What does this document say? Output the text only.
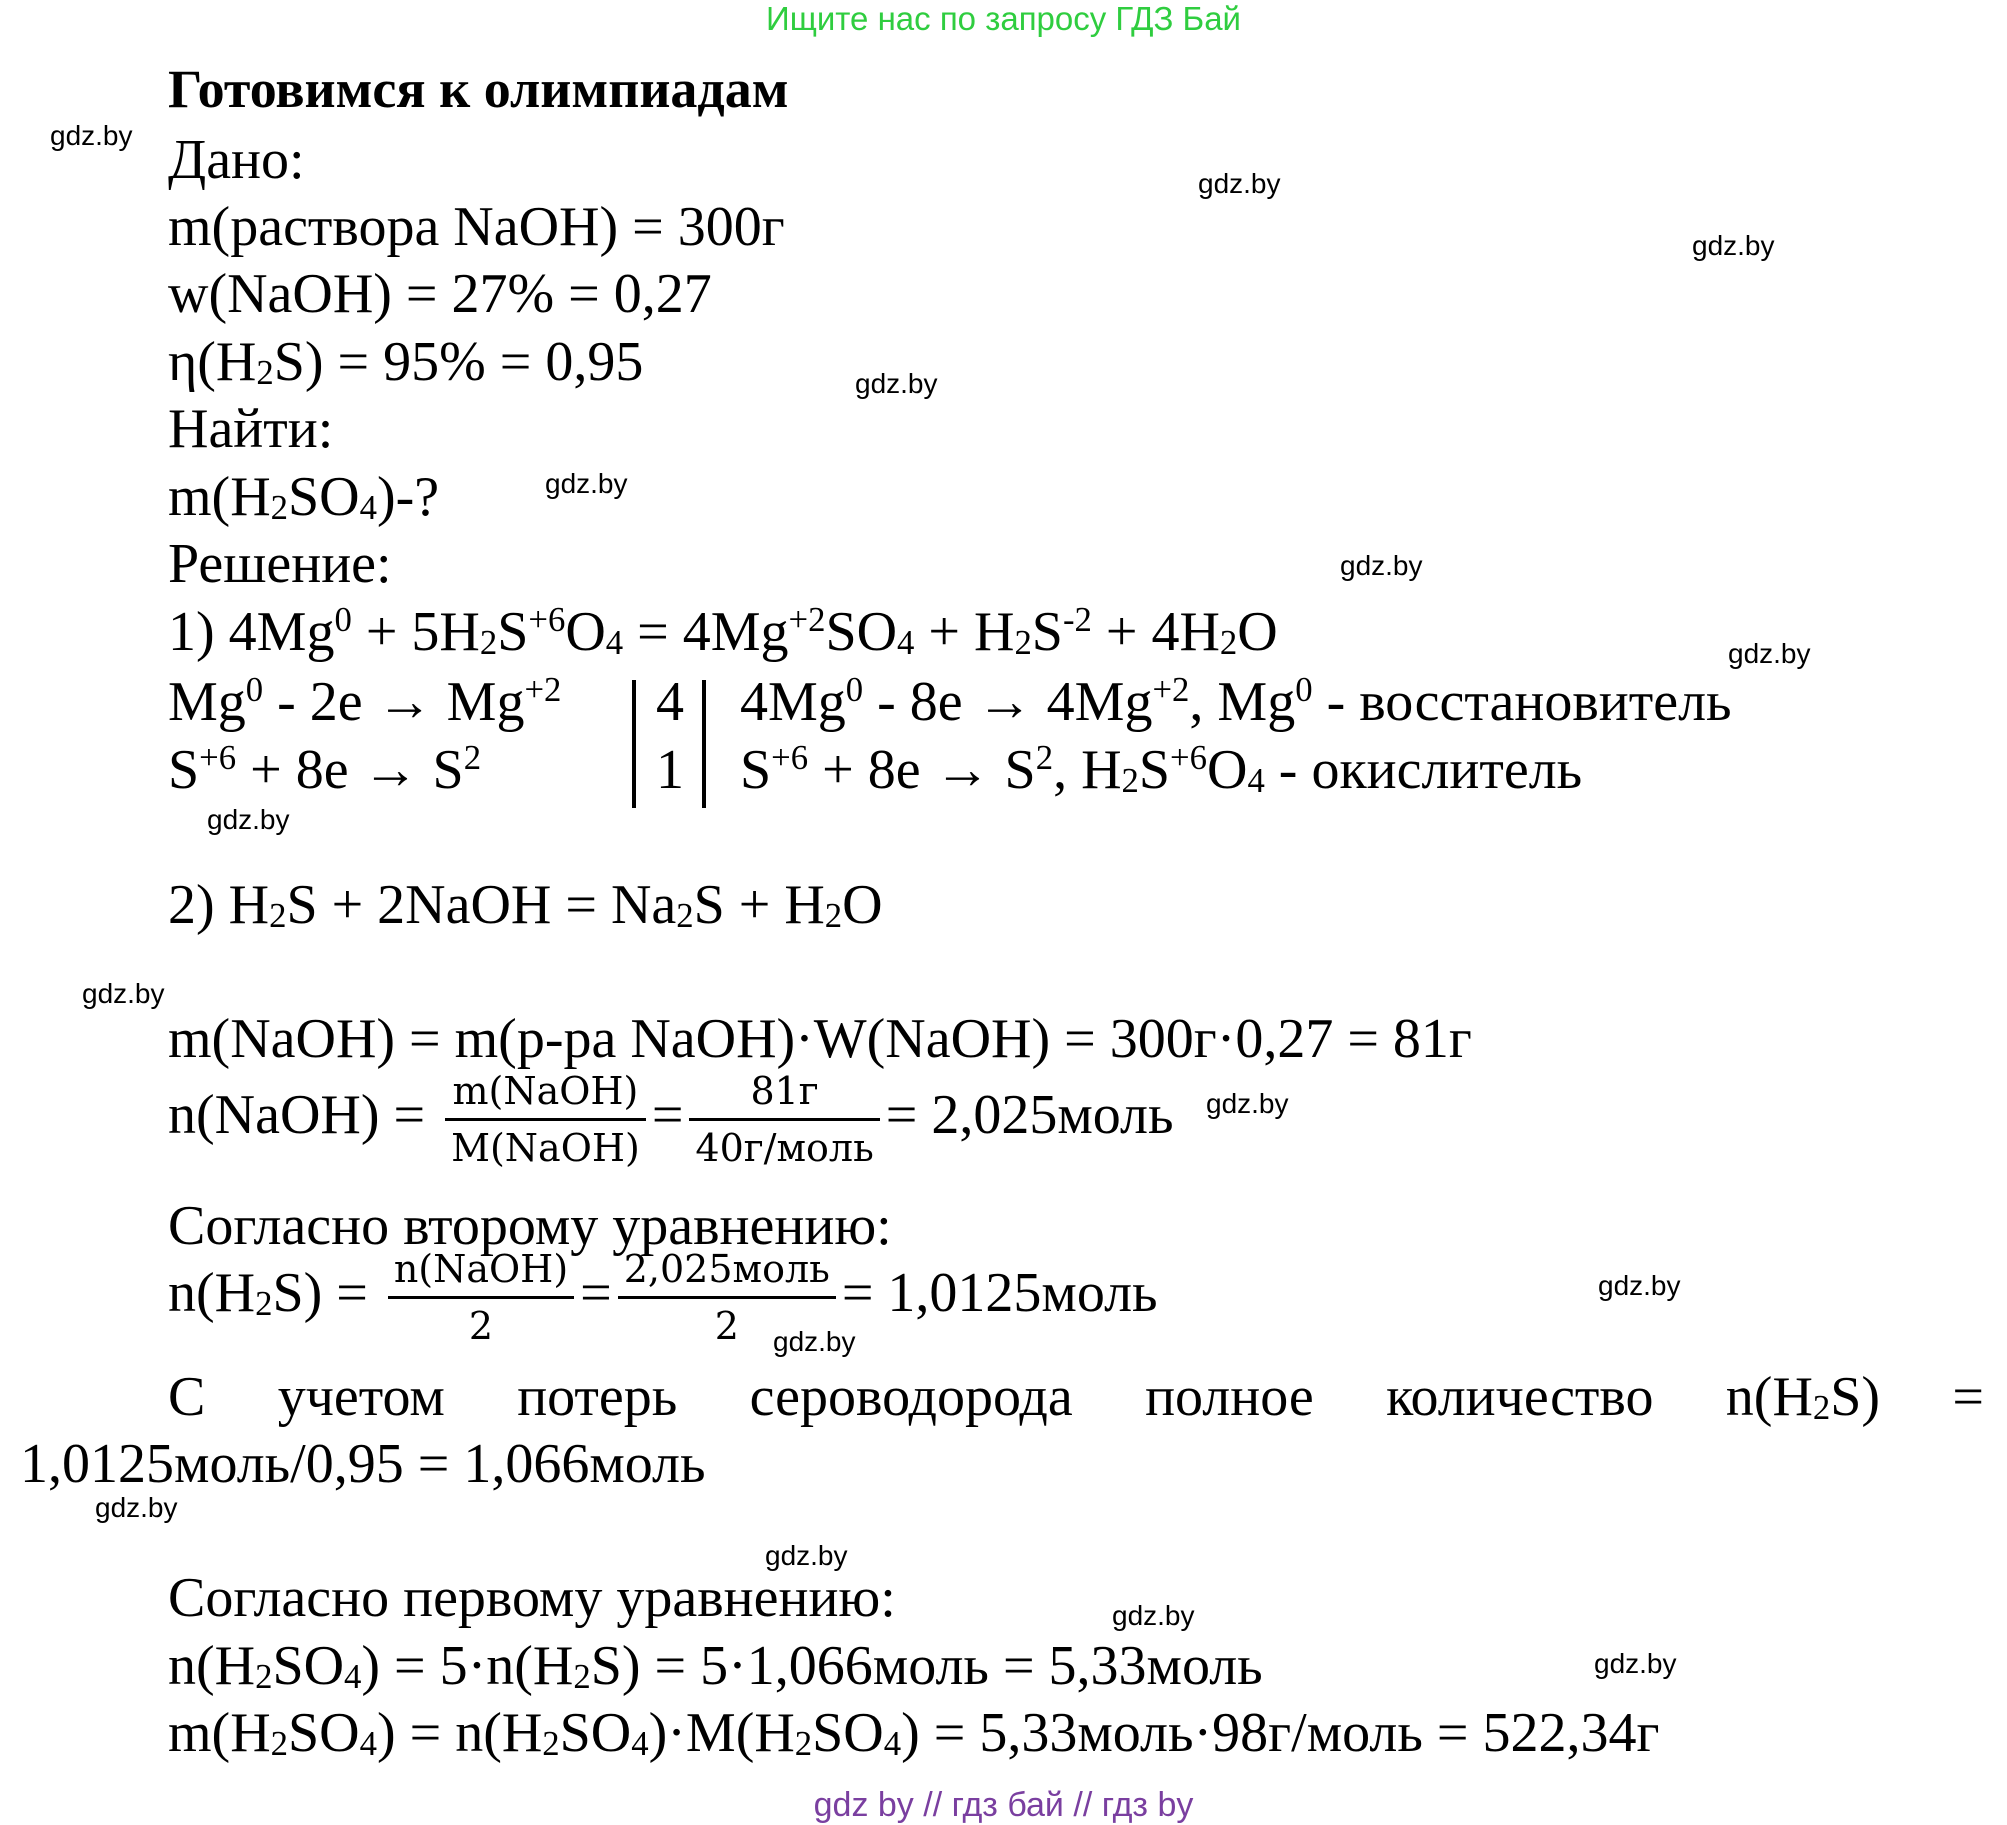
Ищите нас по запросу ГДЗ Бай
Готовимся к олимпиадам
Дано:
m(раствора NaOH) = 300г
w(NaOH) = 27% = 0,27
$\eta(H_2S) = 95\% = 0,95$
Найти:
$m(H_2SO_4)-$?
Решение:
1) $4Mg^0 + 5H_2S^{+6}O_4 = 4Mg^{+2}SO_4 + H_2S^{-2} + 4H_2O$
$Mg^0 - 2e \to Mg^{+2}$ 4 $4Mg^0 - 8e \to 4Mg^{+2}$, Mg$^0$ - восстановитель
$S^{+6} + 8e \to S^2$	1 $S^{+6} + 8e \to S^2$, $H_2S^{+6}O_4$ - окислитель
2) $H_2S$ + 2NaOH = $Na_2S + H_2O$
m(NaOH) = m(р-ра NaOH)·W(NaOH) = 300г·0,27 = 81г
n(NaOH) = $\frac{\text{m(NaOH)}}{\text{M(NaOH)}} = \frac{81г}{\text{40г/моль}}$ = 2,025моль
Согласно второму уравнению:
$n(H_2S) = \frac{\text{n(NaOH)}}{2} = \frac{\text{2,025моль}}{2}$ = 1,0125моль
С учетом потерь сероводорода полное количество $n(H_2S)$ =
1,0125моль/0,95 = 1,066моль
Согласно первому уравнению:
$n(H_2SO_4) = 5\cdot n(H_2S)$ = 5·1,066моль = 5,33моль
$m(H_2SO_4) = n(H_2SO_4)\cdot M(H_2SO_4)$ = 5,33моль·98г/моль = 522,34г
gdz.by
gdz.by
gdz.by
gdz.by
gdz.by
gdz.by
gdz.by
gdz.by
gdz.by
gdz.by
gdz.by
gdz.by
gdz.by
gdz.by
gdz.by
gdz.by
gdz by // гдз бай // гдз by
